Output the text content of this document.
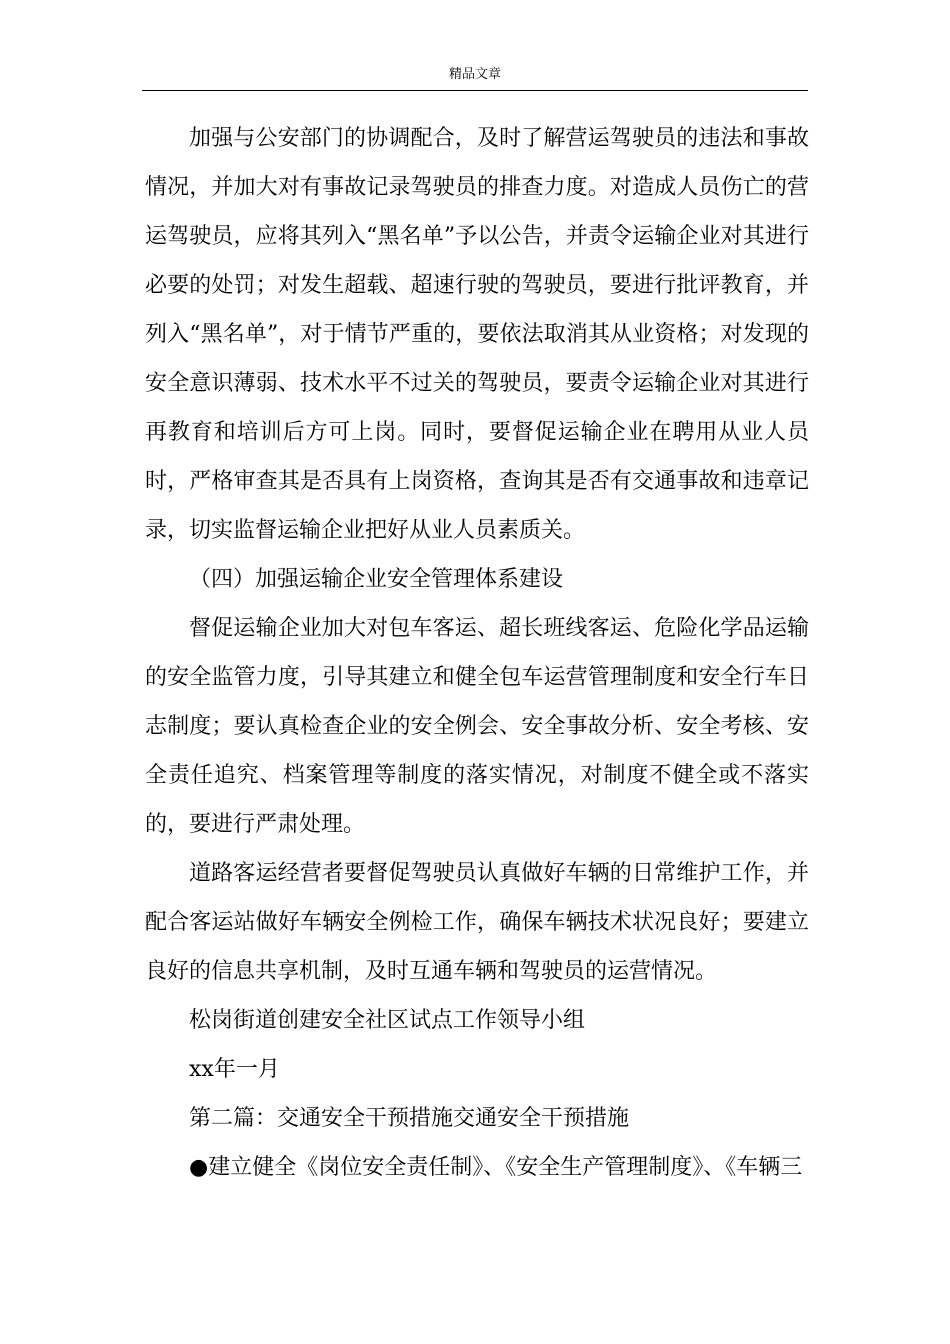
精品文章

加强与公安部门的协调配合，及时了解营运驾驶员的违法和事故情况，并加大对有事故记录驾驶员的排查力度。对造成人员伤亡的营运驾驶员，应将其列入“黑名单”予以公告，并责令运输企业对其进行必要的处罚；对发生超载、超速行驶的驾驶员，要进行批评教育，并列入“黑名单”，对于情节严重的，要依法取消其从业资格；对发现的安全意识薄弱、技术水平不过关的驾驶员，要责令运输企业对其进行再教育和培训后方可上岗。同时，要督促运输企业在聘用从业人员时，严格审查其是否具有上岗资格，查询其是否有交通事故和违章记录，切实监督运输企业把好从业人员素质关。

（四）加强运输企业安全管理体系建设

督促运输企业加大对包车客运、超长班线客运、危险化学品运输的安全监管力度，引导其建立和健全包车运营管理制度和安全行车日志制度；要认真检查企业的安全例会、安全事故分析、安全考核、安全责任追究、档案管理等制度的落实情况，对制度不健全或不落实的，要进行严肃处理。

道路客运经营者要督促驾驶员认真做好车辆的日常维护工作，并配合客运站做好车辆安全例检工作，确保车辆技术状况良好；要建立良好的信息共享机制，及时互通车辆和驾驶员的运营情况。

松岗街道创建安全社区试点工作领导小组

xx年一月

第二篇：交通安全干预措施交通安全干预措施

●建立健全《岗位安全责任制》、《安全生产管理制度》、《车辆三
